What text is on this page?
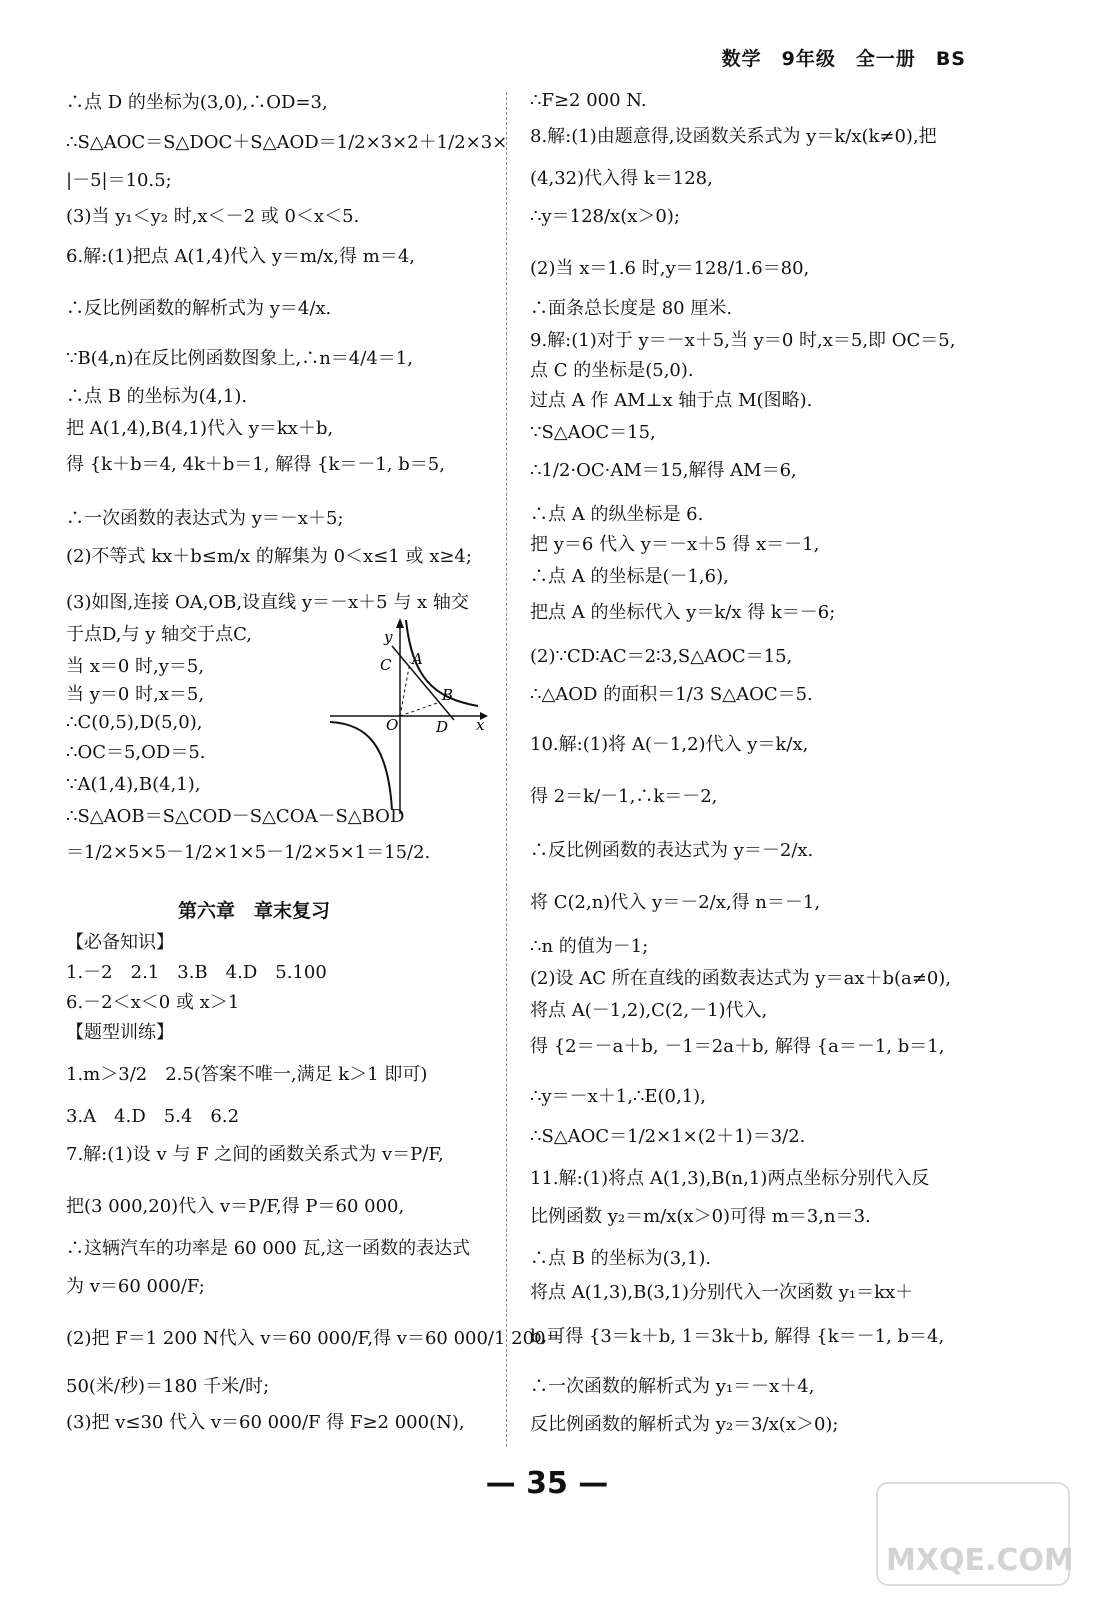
数学　9年级　全一册　BS
∴点 D 的坐标为(3,0),∴OD=3,
∴S△AOC＝S△DOC＋S△AOD＝1/2×3×2＋1/2×3×
|－5|＝10.5;
(3)当 y₁＜y₂ 时,x＜－2 或 0＜x＜5.
6.解:(1)把点 A(1,4)代入 y＝m/x,得 m＝4,
∴反比例函数的解析式为 y＝4/x.
∵B(4,n)在反比例函数图象上,∴n＝4/4＝1,
∴点 B 的坐标为(4,1).
把 A(1,4),B(4,1)代入 y＝kx＋b,
得 {k＋b＝4, 4k＋b＝1, 解得 {k＝－1, b＝5,
∴一次函数的表达式为 y＝－x＋5;
(2)不等式 kx＋b≤m/x 的解集为 0＜x≤1 或 x≥4;
(3)如图,连接 OA,OB,设直线 y＝－x＋5 与 x 轴交
于点D,与 y 轴交于点C,
当 x＝0 时,y＝5,
当 y＝0 时,x＝5,
∴C(0,5),D(5,0),
∴OC＝5,OD＝5.
∵A(1,4),B(4,1),
∴S△AOB＝S△COD－S△COA－S△BOD
＝1/2×5×5－1/2×1×5－1/2×5×1＝15/2.
【必备知识】
1.－2　2.1　3.B　4.D　5.100
6.－2＜x＜0 或 x＞1
【题型训练】
1.m＞3/2　2.5(答案不唯一,满足 k＞1 即可)
3.A　4.D　5.4　6.2
7.解:(1)设 v 与 F 之间的函数关系式为 v＝P/F,
把(3 000,20)代入 v＝P/F,得 P＝60 000,
∴这辆汽车的功率是 60 000 瓦,这一函数的表达式
为 v＝60 000/F;
(2)把 F＝1 200 N代入 v＝60 000/F,得 v＝60 000/1 200＝
50(米/秒)＝180 千米/时;
(3)把 v≤30 代入 v＝60 000/F 得 F≥2 000(N),
∴F≥2 000 N.
8.解:(1)由题意得,设函数关系式为 y＝k/x(k≠0),把
(4,32)代入得 k＝128,
∴y＝128/x(x＞0);
(2)当 x＝1.6 时,y＝128/1.6＝80,
∴面条总长度是 80 厘米.
9.解:(1)对于 y＝－x＋5,当 y＝0 时,x＝5,即 OC＝5,
点 C 的坐标是(5,0).
过点 A 作 AM⊥x 轴于点 M(图略).
∵S△AOC＝15,
∴1/2·OC·AM＝15,解得 AM＝6,
∴点 A 的纵坐标是 6.
把 y＝6 代入 y＝－x＋5 得 x＝－1,
∴点 A 的坐标是(－1,6),
把点 A 的坐标代入 y＝k/x 得 k＝－6;
(2)∵CD∶AC＝2∶3,S△AOC＝15,
∴△AOD 的面积＝1/3 S△AOC＝5.
10.解:(1)将 A(－1,2)代入 y＝k/x,
得 2＝k/－1,∴k＝－2,
∴反比例函数的表达式为 y＝－2/x.
将 C(2,n)代入 y＝－2/x,得 n＝－1,
∴n 的值为－1;
(2)设 AC 所在直线的函数表达式为 y＝ax＋b(a≠0),
将点 A(－1,2),C(2,－1)代入,
得 {2＝－a＋b, －1＝2a＋b, 解得 {a＝－1, b＝1,
∴y＝－x＋1,∴E(0,1),
∴S△AOC＝1/2×1×(2＋1)＝3/2.
11.解:(1)将点 A(1,3),B(n,1)两点坐标分别代入反
比例函数 y₂＝m/x(x＞0)可得 m＝3,n＝3.
∴点 B 的坐标为(3,1).
将点 A(1,3),B(3,1)分别代入一次函数 y₁＝kx＋
b,可得 {3＝k＋b, 1＝3k＋b, 解得 {k＝－1, b＝4,
∴一次函数的解析式为 y₁＝－x＋4,
反比例函数的解析式为 y₂＝3/x(x＞0);
第六章　章末复习
y
C A
B
O	D x
— 35 —
MXQE.COM
